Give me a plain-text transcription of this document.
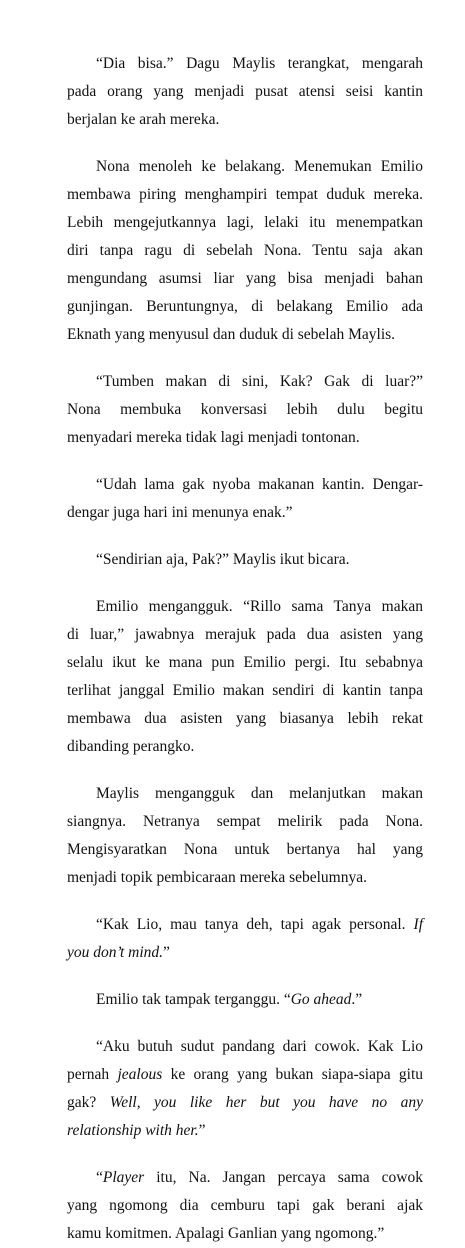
“Dia bisa.” Dagu Maylis terangkat, mengarah
pada orang yang menjadi pusat atensi seisi kantin
berjalan ke arah mereka.
Nona menoleh ke belakang. Menemukan Emilio
membawa piring menghampiri tempat duduk mereka.
Lebih mengejutkannya lagi, lelaki itu menempatkan
diri tanpa ragu di sebelah Nona. Tentu saja akan
mengundang asumsi liar yang bisa menjadi bahan
gunjingan. Beruntungnya, di belakang Emilio ada
Eknath yang menyusul dan duduk di sebelah Maylis.
“Tumben makan di sini, Kak? Gak di luar?”
Nona membuka konversasi lebih dulu begitu
menyadari mereka tidak lagi menjadi tontonan.
“Udah lama gak nyoba makanan kantin. Dengar-
dengar juga hari ini menunya enak.”
“Sendirian aja, Pak?” Maylis ikut bicara.
Emilio mengangguk. “Rillo sama Tanya makan
di luar,” jawabnya merajuk pada dua asisten yang
selalu ikut ke mana pun Emilio pergi. Itu sebabnya
terlihat janggal Emilio makan sendiri di kantin tanpa
membawa dua asisten yang biasanya lebih rekat
dibanding perangko.
Maylis mengangguk dan melanjutkan makan
siangnya. Netranya sempat melirik pada Nona.
Mengisyaratkan Nona untuk bertanya hal yang
menjadi topik pembicaraan mereka sebelumnya.
“Kak Lio, mau tanya deh, tapi agak personal. If
you don’t mind.”
Emilio tak tampak terganggu. “Go ahead.”
“Aku butuh sudut pandang dari cowok. Kak Lio
pernah jealous ke orang yang bukan siapa-siapa gitu
gak? Well, you like her but you have no any
relationship with her.”
“Player itu, Na. Jangan percaya sama cowok
yang ngomong dia cemburu tapi gak berani ajak
kamu komitmen. Apalagi Ganlian yang ngomong.”
